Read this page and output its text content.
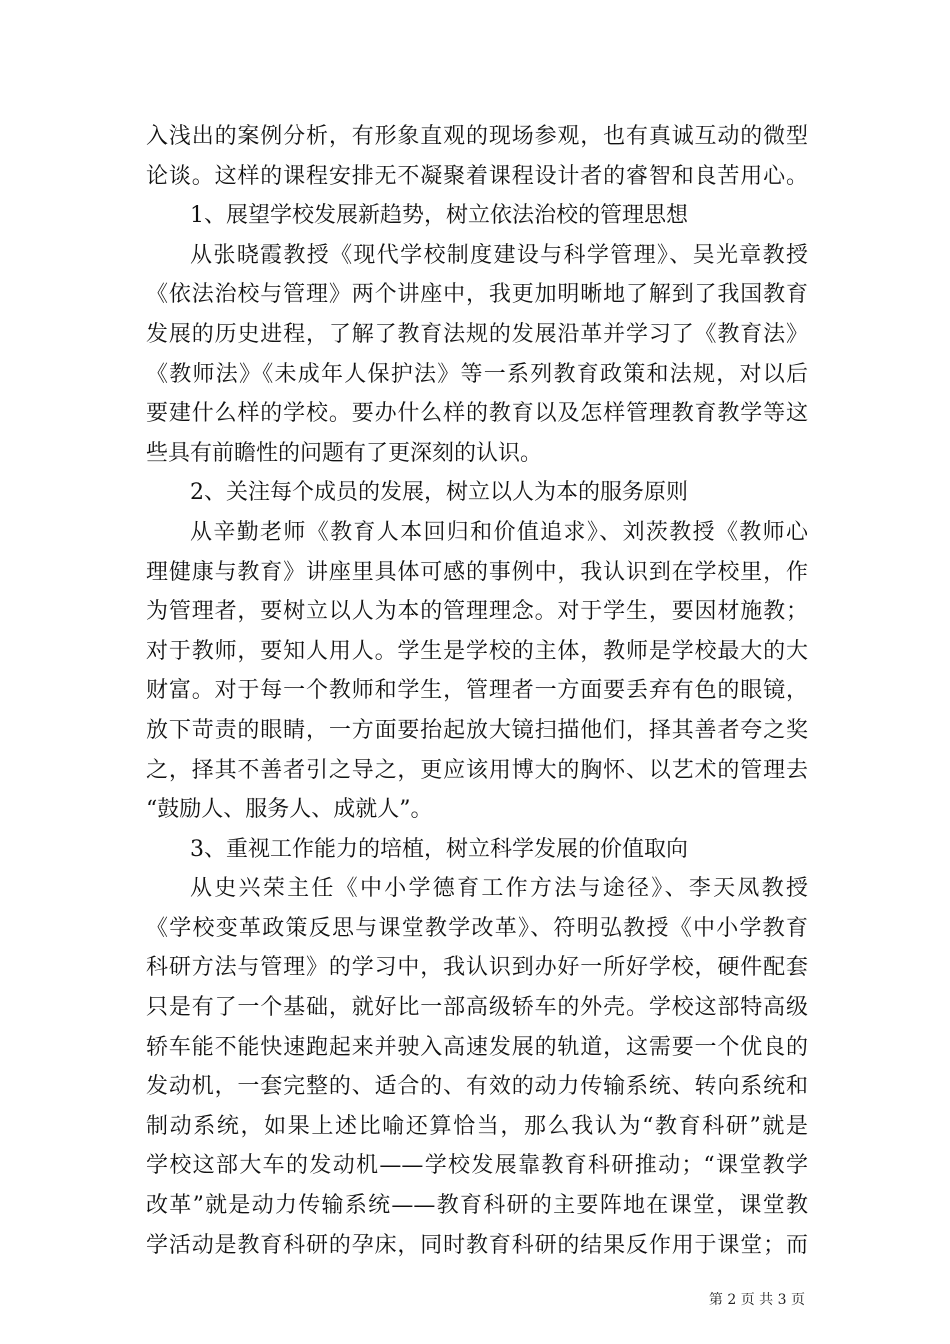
入浅出的案例分析，有形象直观的现场参观，也有真诚互动的微型
论谈。这样的课程安排无不凝聚着课程设计者的睿智和良苦用心。
1、展望学校发展新趋势，树立依法治校的管理思想
从张晓霞教授《现代学校制度建设与科学管理》、吴光章教授
《依法治校与管理》两个讲座中，我更加明晰地了解到了我国教育
发展的历史进程，了解了教育法规的发展沿革并学习了《教育法》
《教师法》《未成年人保护法》等一系列教育政策和法规，对以后
要建什么样的学校。要办什么样的教育以及怎样管理教育教学等这
些具有前瞻性的问题有了更深刻的认识。
2、关注每个成员的发展，树立以人为本的服务原则
从辛勤老师《教育人本回归和价值追求》、刘茨教授《教师心
理健康与教育》讲座里具体可感的事例中，我认识到在学校里，作
为管理者，要树立以人为本的管理理念。对于学生，要因材施教；
对于教师，要知人用人。学生是学校的主体，教师是学校最大的大
财富。对于每一个教师和学生，管理者一方面要丢弃有色的眼镜，
放下苛责的眼睛，一方面要抬起放大镜扫描他们，择其善者夸之奖
之，择其不善者引之导之，更应该用博大的胸怀、以艺术的管理去
“鼓励人、服务人、成就人”。
3、重视工作能力的培植，树立科学发展的价值取向
从史兴荣主任《中小学德育工作方法与途径》、李天凤教授
《学校变革政策反思与课堂教学改革》、符明弘教授《中小学教育
科研方法与管理》的学习中，我认识到办好一所好学校，硬件配套
只是有了一个基础，就好比一部高级轿车的外壳。学校这部特高级
轿车能不能快速跑起来并驶入高速发展的轨道，这需要一个优良的
发动机，一套完整的、适合的、有效的动力传输系统、转向系统和
制动系统，如果上述比喻还算恰当，那么我认为“教育科研”就是
学校这部大车的发动机——学校发展靠教育科研推动；“课堂教学
改革”就是动力传输系统——教育科研的主要阵地在课堂，课堂教
学活动是教育科研的孕床，同时教育科研的结果反作用于课堂；而
第 2 页 共 3 页
